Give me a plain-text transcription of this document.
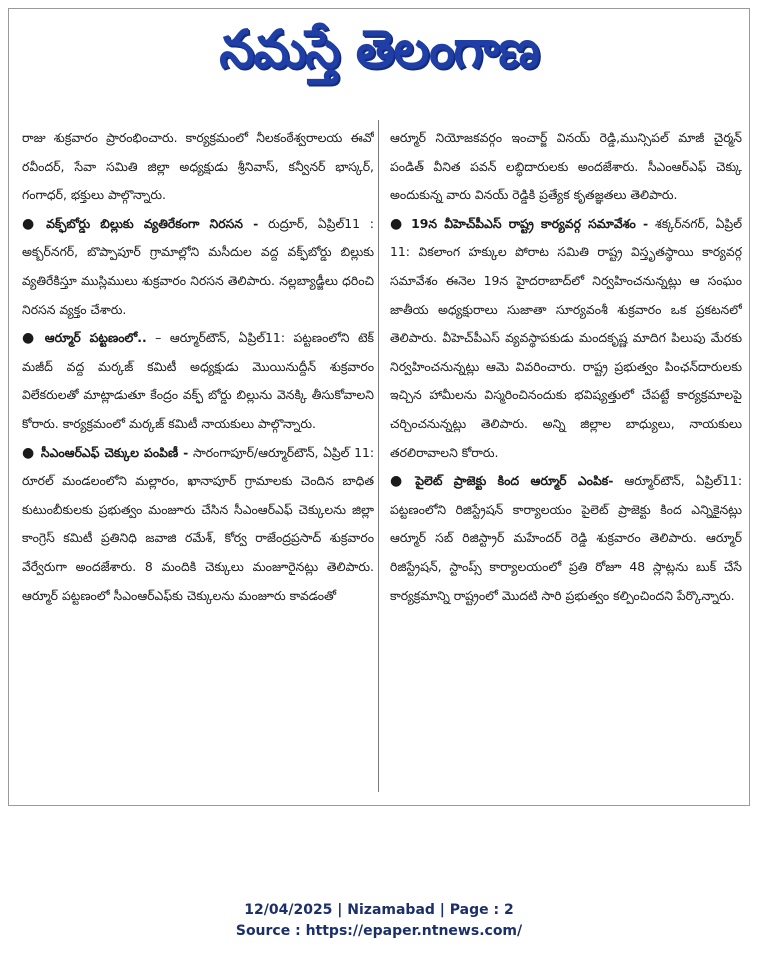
నమస్తే తెలంగాణ

రాజు శుక్రవారం ప్రారంభించారు. కార్యక్రమంలో నీలకంఠేశ్వరాలయ ఈవో రవీందర్, సేవా సమితి జిల్లా అధ్యక్షుడు శ్రీనివాస్, కన్వీనర్ భాస్కర్, గంగాధర్, భక్తులు పాల్గొన్నారు.

● వక్ఫ్‌బోర్డు బిల్లుకు వ్యతిరేకంగా నిరసన - రుద్రూర్, ఏప్రిల్11 : అక్బర్‌నగర్, బొప్పాపూర్ గ్రామాల్లోని మసీదుల వద్ద వక్ఫ్‌బోర్డు బిల్లుకు వ్యతిరేకిస్తూ ముస్లిములు శుక్రవారం నిరసన తెలిపారు. నల్లబ్యాడ్జీలు ధరించి నిరసన వ్యక్తం చేశారు.

● ఆర్మూర్ పట్టణంలో.. – ఆర్మూర్‌టౌన్, ఏప్రిల్11: పట్టణంలోని టెక్ మజీద్ వద్ద మర్కజ్ కమిటీ అధ్యక్షుడు మొయినుద్దీన్ శుక్రవారం విలేకరులతో మాట్లాడుతూ కేంద్రం వక్ఫ్ బోర్డు బిల్లును వెనక్కి తీసుకోవాలని కోరారు. కార్యక్రమంలో మర్కజ్ కమిటీ నాయకులు పాల్గొన్నారు.

● సీఎంఆర్ఎఫ్ చెక్కుల పంపిణీ - సారంగాపూర్/ఆర్మూర్‌టౌన్, ఏప్రిల్ 11: రూరల్ మండలంలోని మల్లారం, ఖానాపూర్ గ్రామాలకు చెందిన బాధిత కుటుంబీకులకు ప్రభుత్వం మంజూరు చేసిన సీఎంఆర్ఎఫ్ చెక్కులను జిల్లా కాంగ్రెస్ కమిటీ ప్రతినిధి జవాజి రమేశ్, కోర్వ రాజేంద్రప్రసాద్ శుక్రవారం వేర్వేరుగా అందజేశారు. 8 మందికి చెక్కులు మంజూరైనట్లు తెలిపారు. ఆర్మూర్ పట్టణంలో సీఎంఆర్ఎఫ్‌కు చెక్కులను మంజూరు కావడంతో

ఆర్మూర్ నియోజకవర్గం ఇంచార్జ్ వినయ్ రెడ్డి,మున్సిపల్ మాజీ చైర్మన్ పండిత్ వీనిత పవన్ లబ్ధిదారులకు అందజేశారు. సీఎంఆర్ఎఫ్ చెక్కు అందుకున్న వారు వినయ్ రెడ్డికి ప్రత్యేక కృతజ్ఞతలు తెలిపారు.

● 19న వీహెచ్‌పీఎస్ రాష్ట్ర కార్యవర్గ సమావేశం - శక్కర్‌నగర్, ఏప్రిల్ 11: వికలాంగ హక్కుల పోరాట సమితి రాష్ట్ర విస్తృతస్థాయి కార్యవర్గ సమావేశం ఈనెల 19న హైదరాబాద్‌లో నిర్వహించనున్నట్లు ఆ సంఘం జాతీయ అధ్యక్షురాలు సుజాతా సూర్యవంశీ శుక్రవారం ఒక ప్రకటనలో తెలిపారు. వీహెచ్‌పీఎస్ వ్యవస్థాపకుడు మందకృష్ణ మాదిగ పిలుపు మేరకు నిర్వహించనున్నట్లు ఆమె వివరించారు. రాష్ట్ర ప్రభుత్వం పింఛన్‌దారులకు ఇచ్చిన హామీలను విస్మరించినందుకు భవిష్యత్తులో చేపట్టే కార్యక్రమాలపై చర్చించనున్నట్లు తెలిపారు. అన్ని జిల్లాల బాధ్యులు, నాయకులు తరలిరావాలని కోరారు.

● పైలెట్ ప్రాజెక్టు కింద ఆర్మూర్ ఎంపిక- ఆర్మూర్‌టౌన్, ఏప్రిల్11: పట్టణంలోని రిజిస్ట్రేషన్ కార్యాలయం పైలెట్ ప్రాజెక్టు కింద ఎన్నికైనట్లు ఆర్మూర్ సబ్ రిజిస్ట్రార్ మహేందర్ రెడ్డి శుక్రవారం తెలిపారు. ఆర్మూర్ రిజిస్ట్రేషన్, స్టాంప్స్ కార్యాలయంలో ప్రతి రోజూ 48 స్లాట్లను బుక్ చేసే కార్యక్రమాన్ని రాష్ట్రంలో మొదటి సారి ప్రభుత్వం కల్పించిందని పేర్కొన్నారు.

12/04/2025 | Nizamabad | Page : 2
Source : https://epaper.ntnews.com/
